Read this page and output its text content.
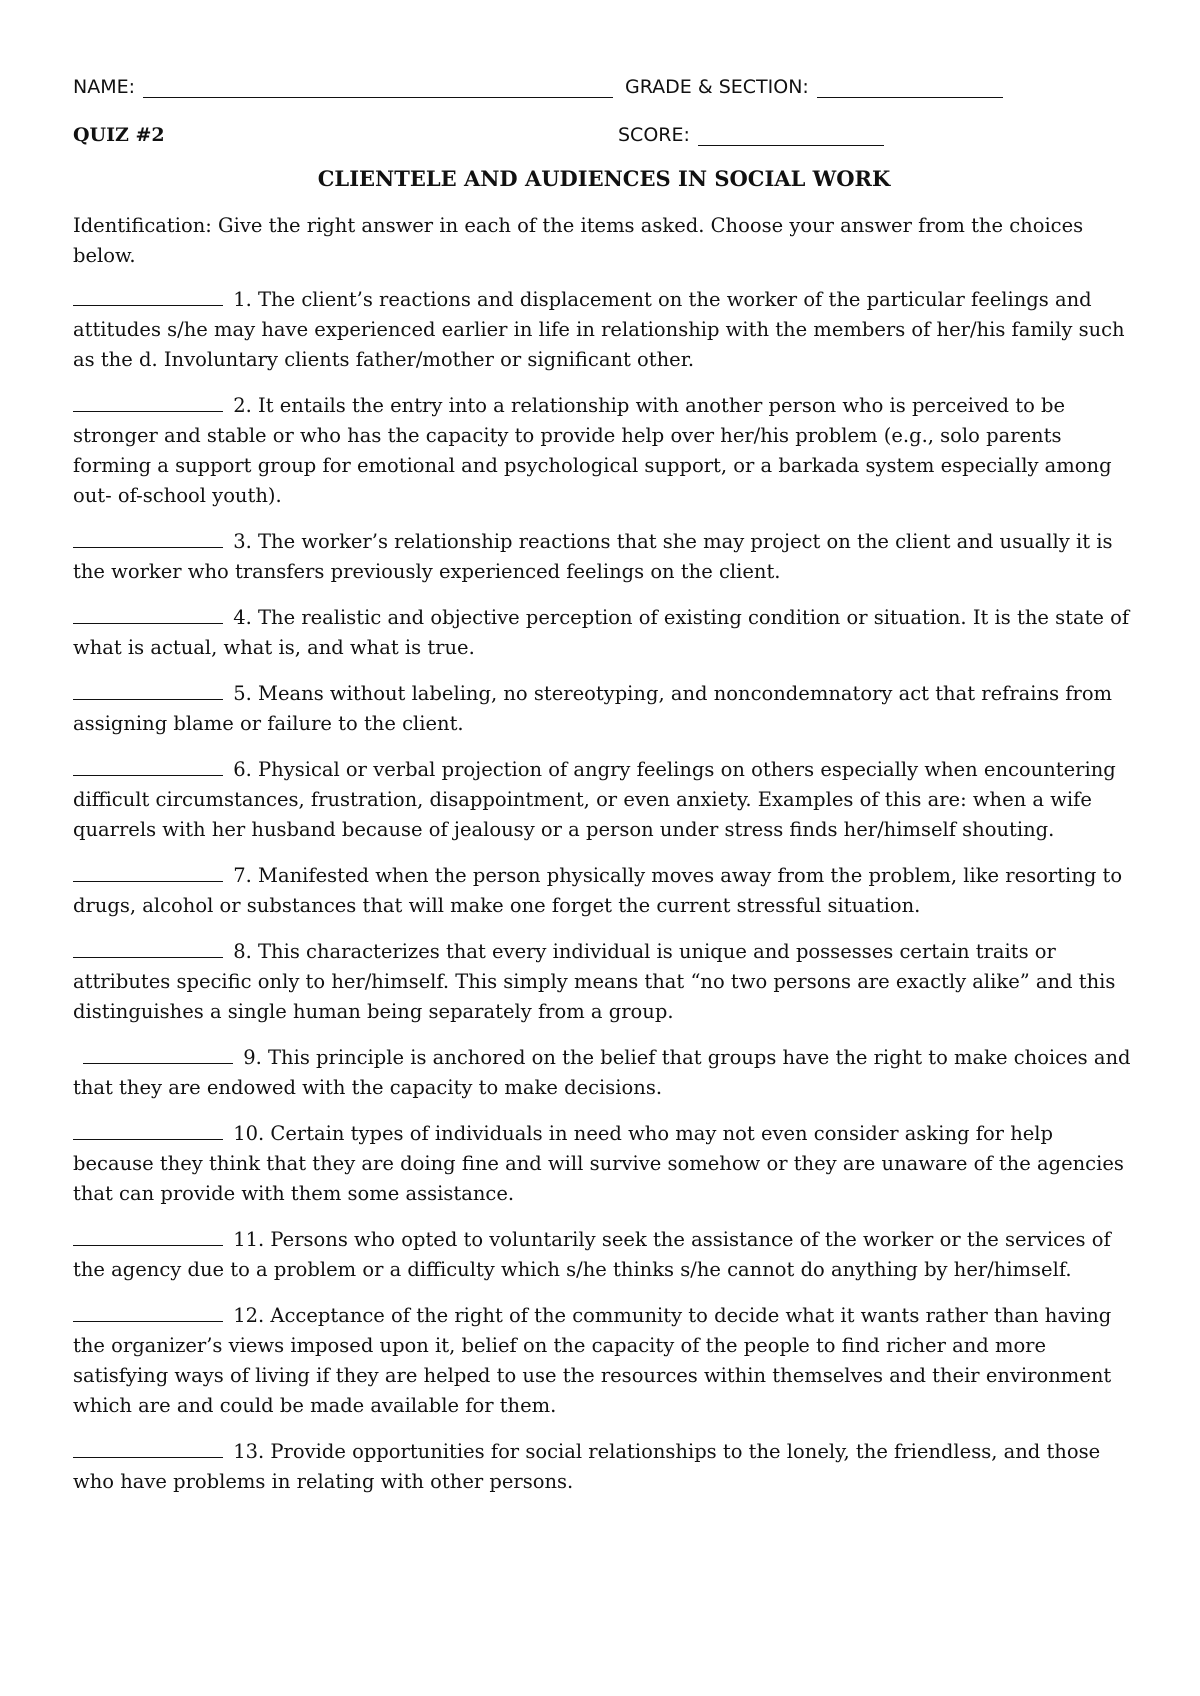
NAME:	GRADE & SECTION:
QUIZ #2	SCORE:
CLIENTELE AND AUDIENCES IN SOCIAL WORK

Identification: Give the right answer in each of the items asked. Choose your answer from the choices below.

1. The client’s reactions and displacement on the worker of the particular feelings and attitudes s/he may have experienced earlier in life in relationship with the members of her/his family such as the d. Involuntary clients father/mother or significant other.

2. It entails the entry into a relationship with another person who is perceived to be stronger and stable or who has the capacity to provide help over her/his problem (e.g., solo parents forming a support group for emotional and psychological support, or a barkada system especially among out- of-school youth).

3. The worker’s relationship reactions that she may project on the client and usually it is the worker who transfers previously experienced feelings on the client.

4. The realistic and objective perception of existing condition or situation. It is the state of what is actual, what is, and what is true.

5. Means without labeling, no stereotyping, and noncondemnatory act that refrains from assigning blame or failure to the client.

6. Physical or verbal projection of angry feelings on others especially when encountering difficult circumstances, frustration, disappointment, or even anxiety. Examples of this are: when a wife quarrels with her husband because of jealousy or a person under stress finds her/himself shouting.

7. Manifested when the person physically moves away from the problem, like resorting to drugs, alcohol or substances that will make one forget the current stressful situation.

8. This characterizes that every individual is unique and possesses certain traits or attributes specific only to her/himself. This simply means that “no two persons are exactly alike” and this distinguishes a single human being separately from a group.

9. This principle is anchored on the belief that groups have the right to make choices and that they are endowed with the capacity to make decisions.

10. Certain types of individuals in need who may not even consider asking for help because they think that they are doing fine and will survive somehow or they are unaware of the agencies that can provide with them some assistance.

11. Persons who opted to voluntarily seek the assistance of the worker or the services of the agency due to a problem or a difficulty which s/he thinks s/he cannot do anything by her/himself.

12. Acceptance of the right of the community to decide what it wants rather than having the organizer’s views imposed upon it, belief on the capacity of the people to find richer and more satisfying ways of living if they are helped to use the resources within themselves and their environment which are and could be made available for them.

13. Provide opportunities for social relationships to the lonely, the friendless, and those who have problems in relating with other persons.
